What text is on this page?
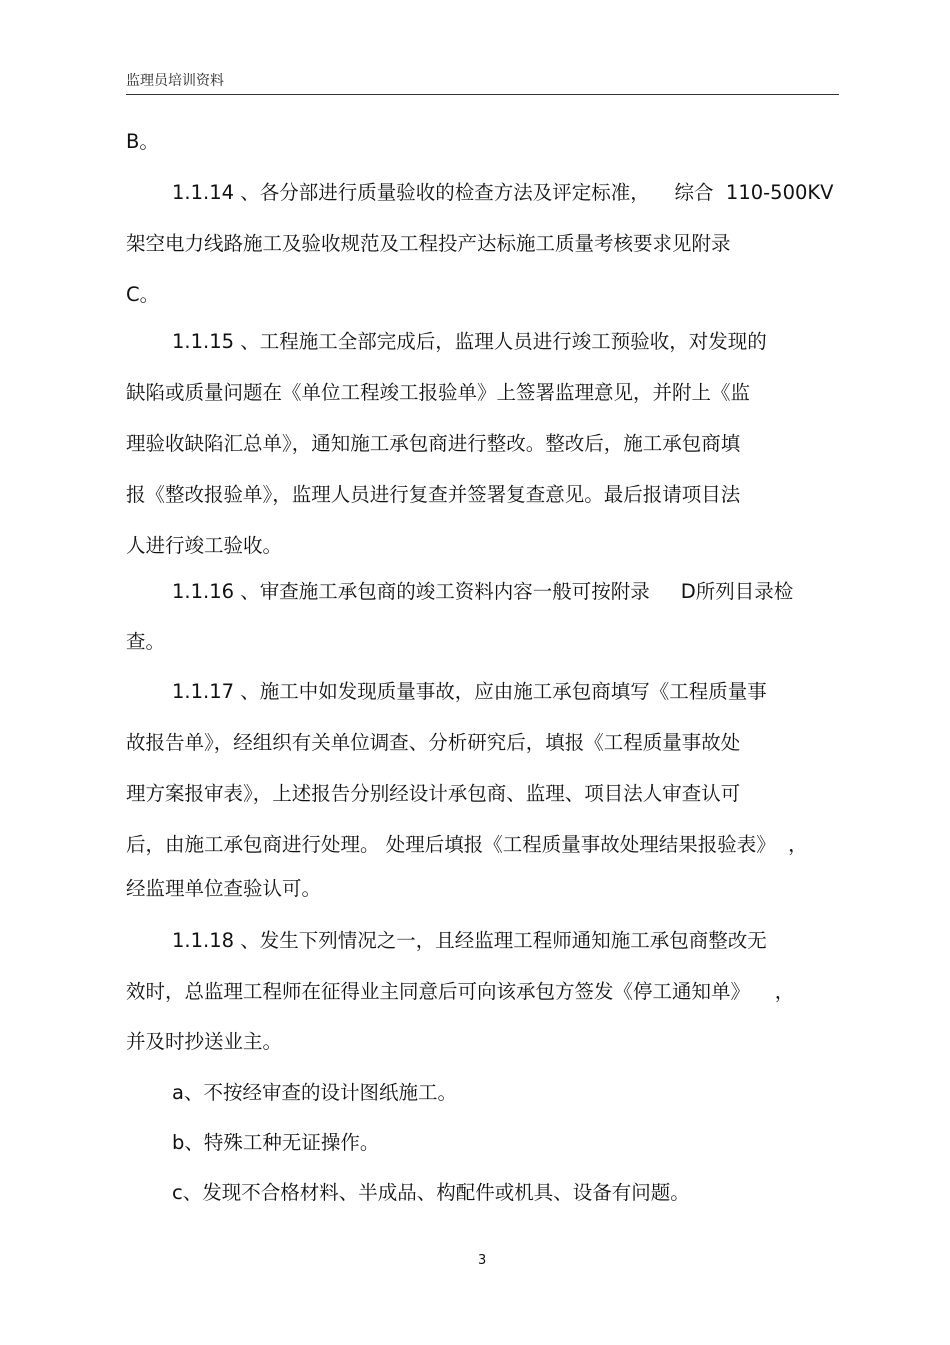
监理员培训资料
B。
1.1.14 、各分部进行质量验收的检查方法及评定标准，    综合  110-500KV
架空电力线路施工及验收规范及工程投产达标施工质量考核要求见附录
C。
1.1.15 、工程施工全部完成后，监理人员进行竣工预验收，对发现的
缺陷或质量问题在《单位工程竣工报验单》上签署监理意见，并附上《监
理验收缺陷汇总单》，通知施工承包商进行整改。整改后，施工承包商填
报《整改报验单》，监理人员进行复查并签署复查意见。最后报请项目法
人进行竣工验收。
1.1.16 、审查施工承包商的竣工资料内容一般可按附录     D所列目录检
查。
1.1.17 、施工中如发现质量事故，应由施工承包商填写《工程质量事
故报告单》，经组织有关单位调查、分析研究后，填报《工程质量事故处
理方案报审表》，上述报告分别经设计承包商、监理、项目法人审查认可
后，由施工承包商进行处理。 处理后填报《工程质量事故处理结果报验表》  ，
经监理单位查验认可。
1.1.18 、发生下列情况之一，且经监理工程师通知施工承包商整改无
效时，总监理工程师在征得业主同意后可向该承包方签发《停工通知单》    ，
并及时抄送业主。
a、不按经审查的设计图纸施工。
b、特殊工种无证操作。
c、发现不合格材料、半成品、构配件或机具、设备有问题。
3
